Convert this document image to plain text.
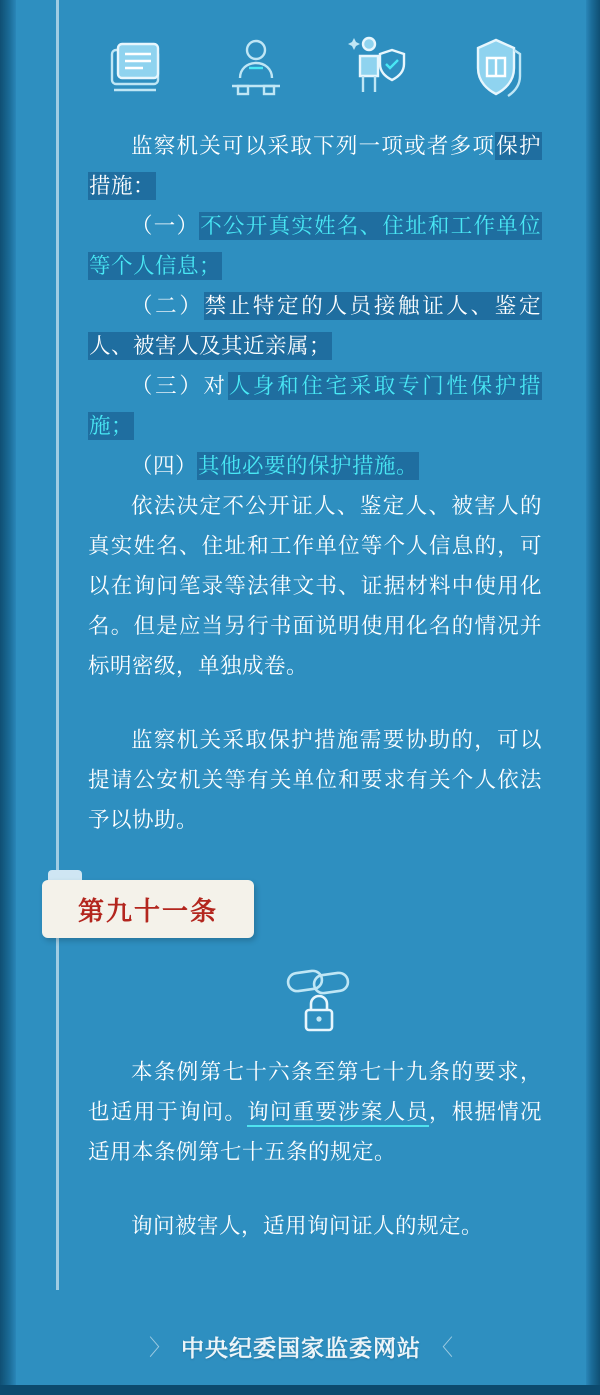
监察机关可以采取下列一项或者多项保护措施：
（一）不公开真实姓名、住址和工作单位等个人信息；
（二）禁止特定的人员接触证人、鉴定人、被害人及其近亲属；
（三）对人身和住宅采取专门性保护措施；
（四）其他必要的保护措施。
依法决定不公开证人、鉴定人、被害人的真实姓名、住址和工作单位等个人信息的，可以在询问笔录等法律文书、证据材料中使用化名。但是应当另行书面说明使用化名的情况并标明密级，单独成卷。
监察机关采取保护措施需要协助的，可以提请公安机关等有关单位和要求有关个人依法予以协助。
第九十一条
本条例第七十六条至第七十九条的要求，也适用于询问。询问重要涉案人员，根据情况适用本条例第七十五条的规定。
询问被害人，适用询问证人的规定。
〉 中央纪委国家监委网站 〈
